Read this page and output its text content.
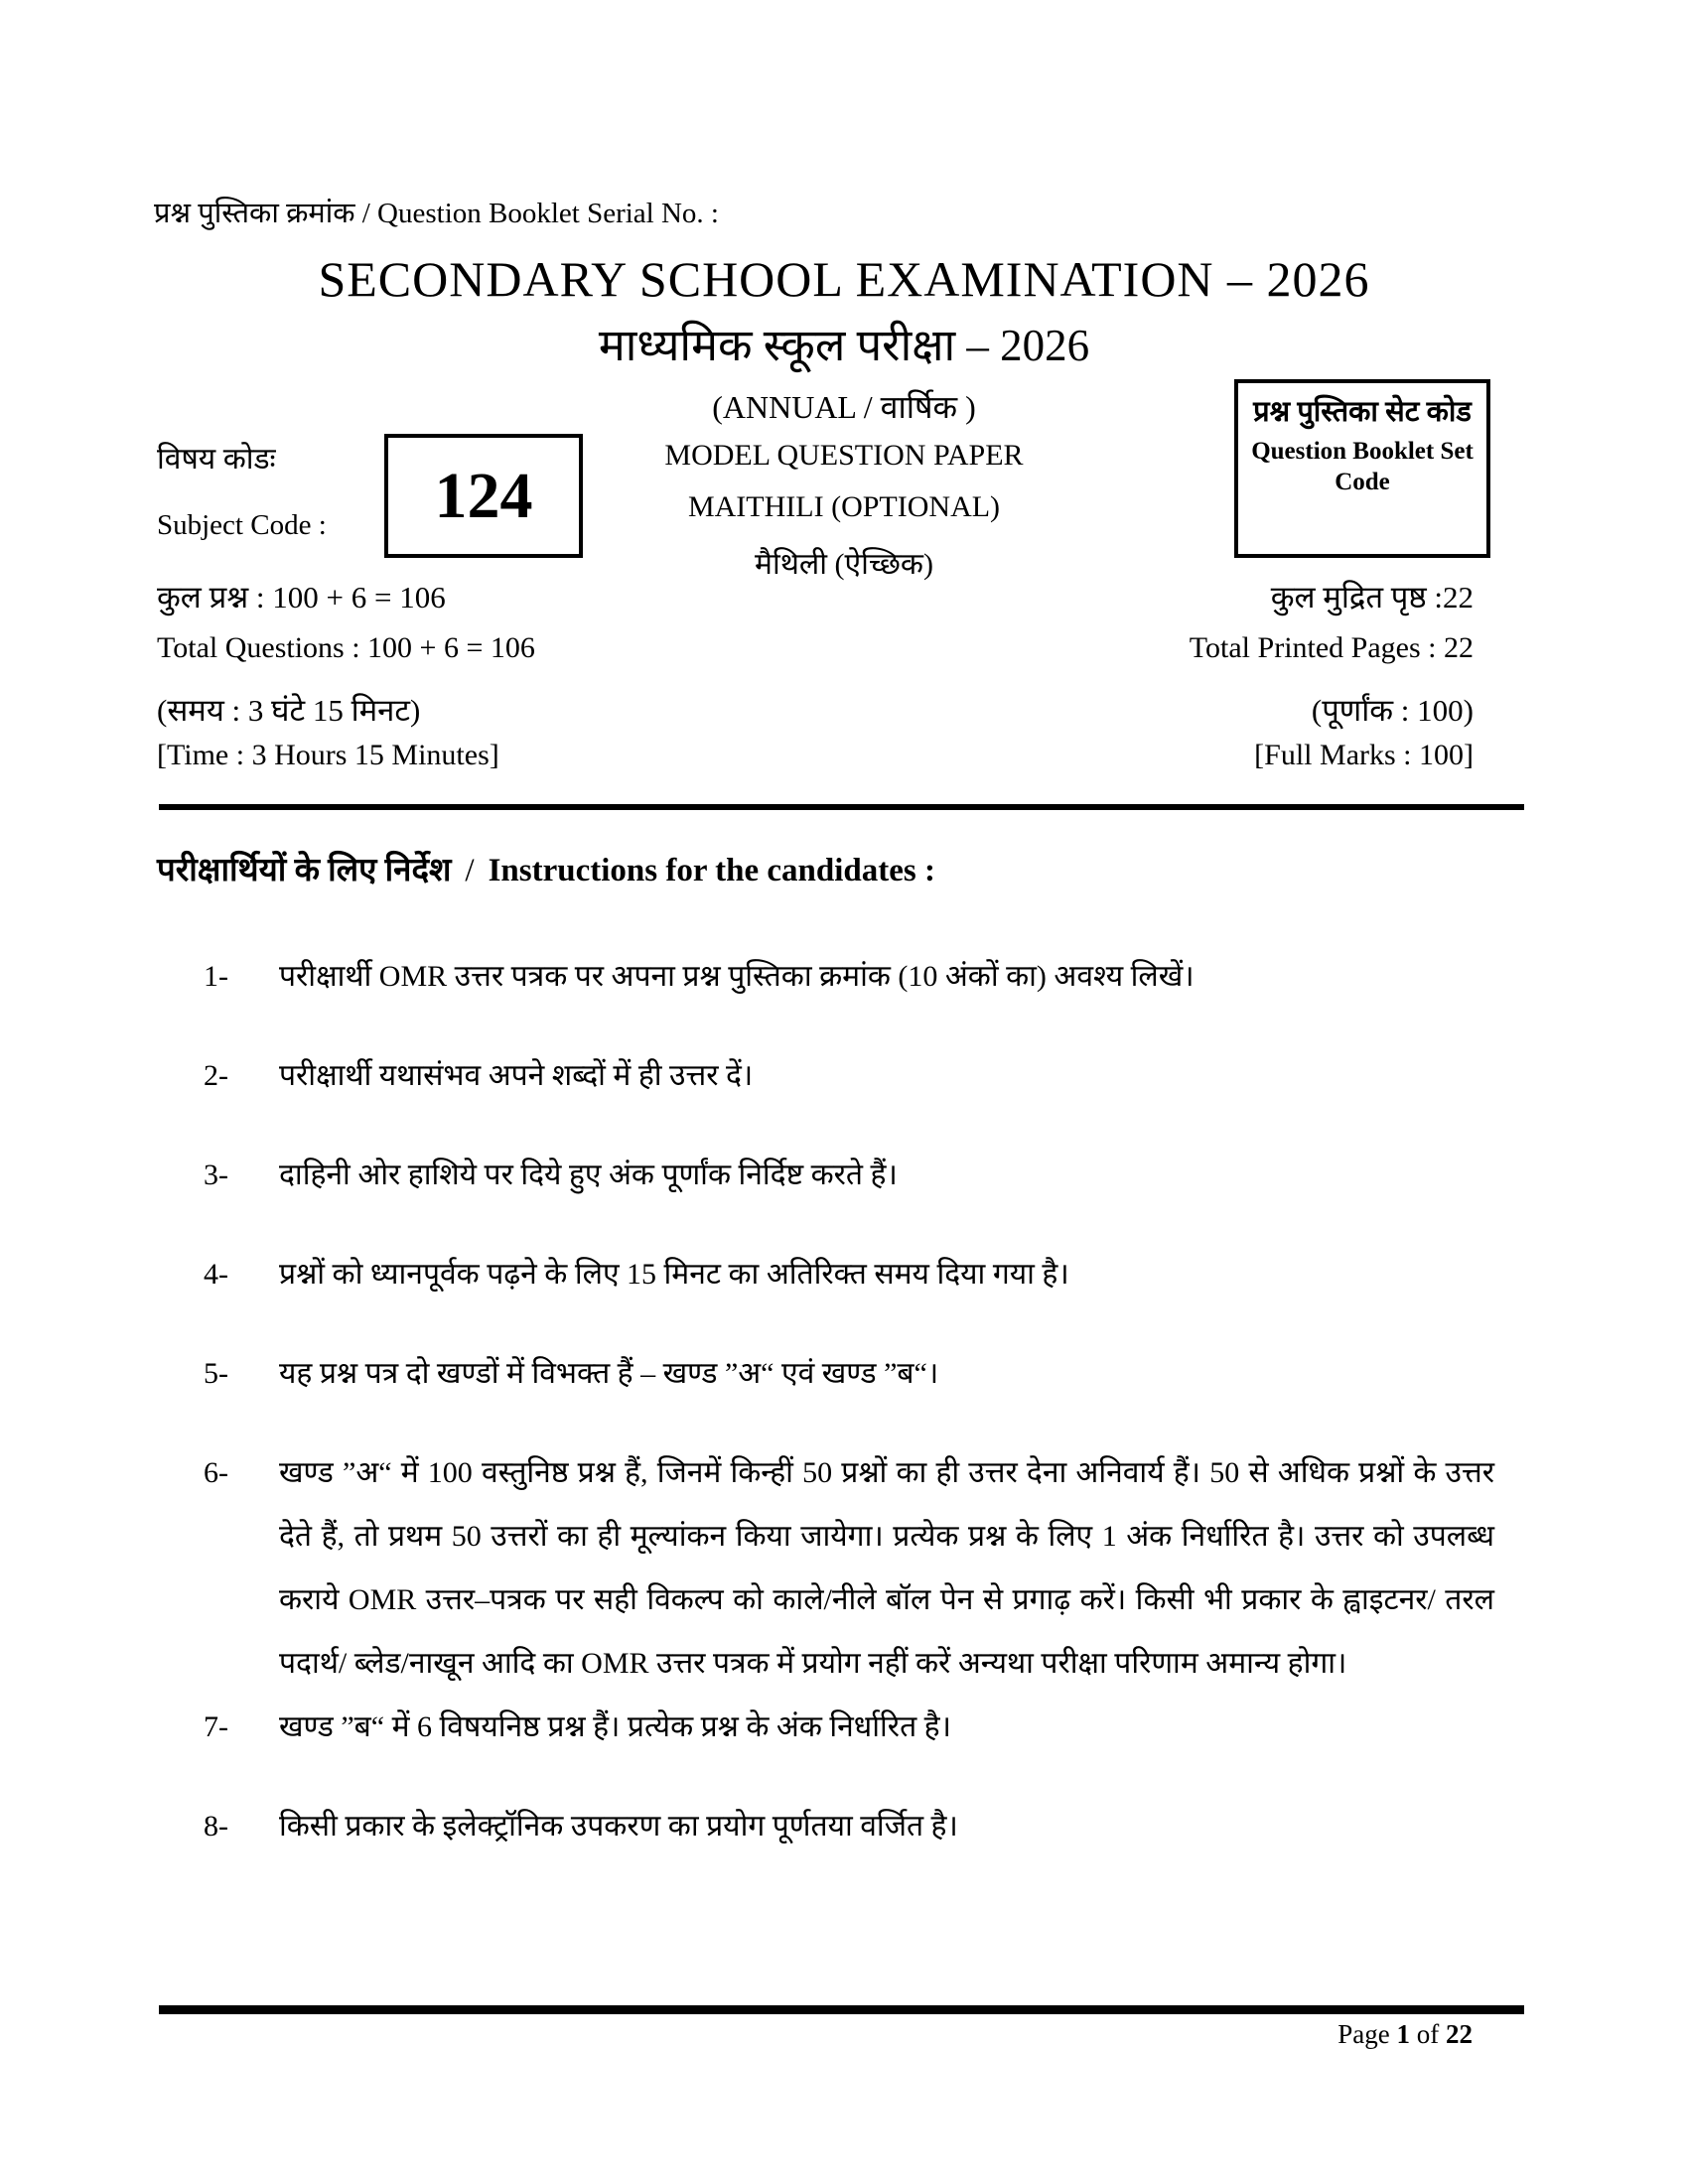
प्रश्न पुस्तिका क्रमांक / Question Booklet Serial No. :
SECONDARY SCHOOL EXAMINATION – 2026
माध्यमिक स्कूल परीक्षा – 2026
(ANNUAL / वार्षिक )
विषय कोडः
Subject Code : 124
MODEL QUESTION PAPER
MAITHILI (OPTIONAL)
मैथिली (ऐच्छिक)
प्रश्न पुस्तिका सेट कोड
Question Booklet Set Code
कुल प्रश्न : 100 + 6 = 106
Total Questions : 100 + 6 = 106
(समय : 3 घंटे 15 मिनट)
[Time : 3 Hours 15 Minutes]
कुल मुद्रित पृष्ठ :22
Total Printed Pages : 22
(पूर्णांक : 100)
[Full Marks : 100]
परीक्षार्थियों के लिए निर्देश / Instructions for the candidates :
1-	परीक्षार्थी OMR उत्तर पत्रक पर अपना प्रश्न पुस्तिका क्रमांक (10 अंकों का) अवश्य लिखें।
2-	परीक्षार्थी यथासंभव अपने शब्दों में ही उत्तर दें।
3-	दाहिनी ओर हाशिये पर दिये हुए अंक पूर्णांक निर्दिष्ट करते हैं।
4-	प्रश्नों को ध्यानपूर्वक पढ़ने के लिए 15 मिनट का अतिरिक्त समय दिया गया है।
5-	यह प्रश्न पत्र दो खण्डों में विभक्त हैं – खण्ड ”अ“ एवं खण्ड ”ब“।
6-	खण्ड ”अ“ में 100 वस्तुनिष्ठ प्रश्न हैं, जिनमें किन्हीं 50 प्रश्नों का ही उत्तर देना अनिवार्य हैं। 50 से अधिक प्रश्नों के उत्तर देते हैं, तो प्रथम 50 उत्तरों का ही मूल्यांकन किया जायेगा। प्रत्येक प्रश्न के लिए 1 अंक निर्धारित है। उत्तर को उपलब्ध कराये OMR उत्तर–पत्रक पर सही विकल्प को काले/नीले बॉल पेन से प्रगाढ़ करें। किसी भी प्रकार के ह्वाइटनर/ तरल पदार्थ/ ब्लेड/नाखून आदि का OMR उत्तर पत्रक में प्रयोग नहीं करें अन्यथा परीक्षा परिणाम अमान्य होगा।
7-	खण्ड ”ब“ में 6 विषयनिष्ठ प्रश्न हैं। प्रत्येक प्रश्न के अंक निर्धारित है।
8-	किसी प्रकार के इलेक्ट्रॉनिक उपकरण का प्रयोग पूर्णतया वर्जित है।
Page 1 of 22
